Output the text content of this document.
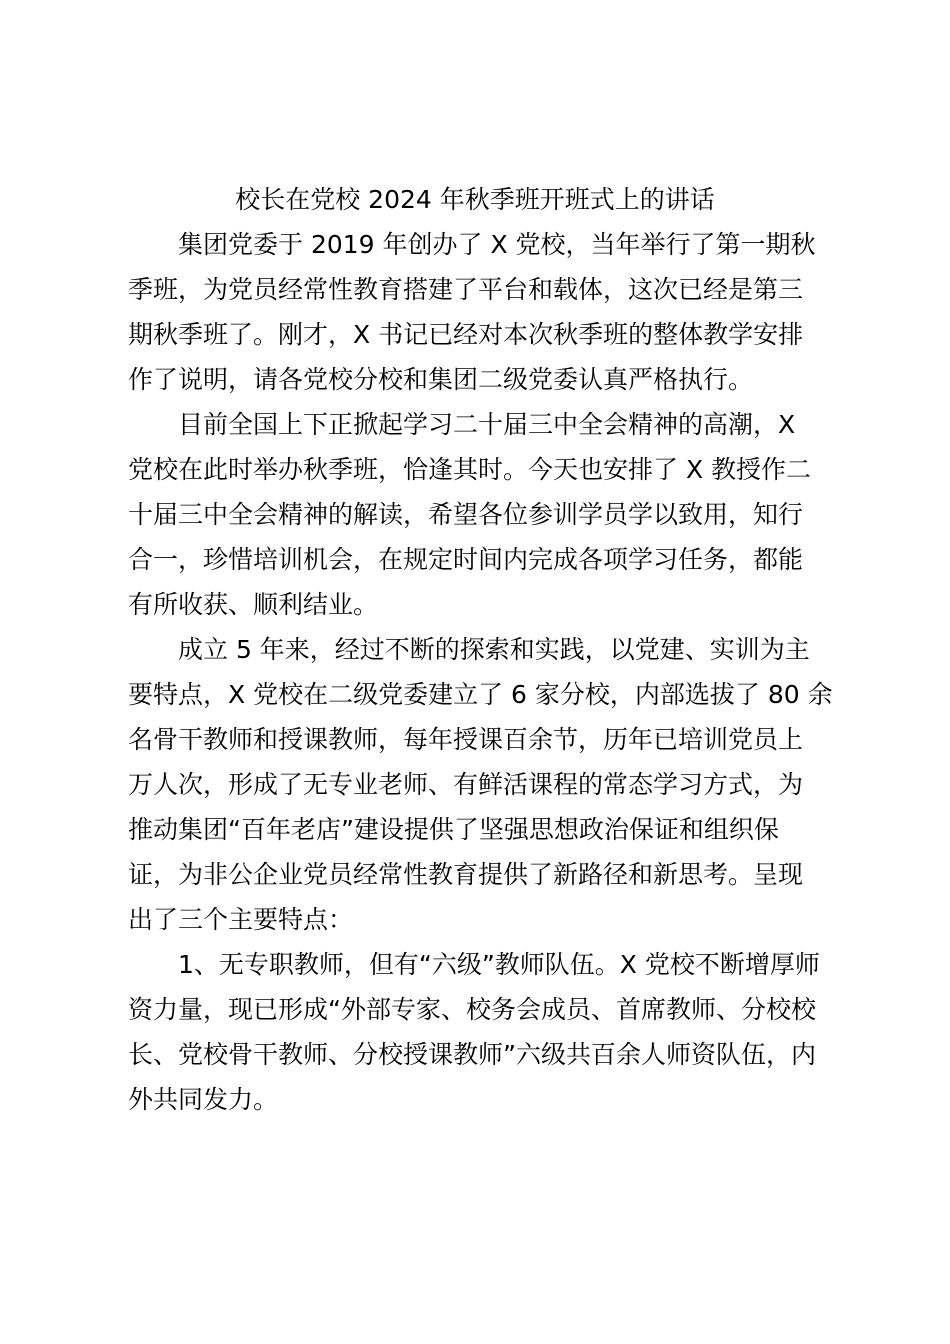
校长在党校 2024 年秋季班开班式上的讲话
集团党委于 2019 年创办了 X 党校，当年举行了第一期秋
季班，为党员经常性教育搭建了平台和载体，这次已经是第三
期秋季班了。刚才，X 书记已经对本次秋季班的整体教学安排
作了说明，请各党校分校和集团二级党委认真严格执行。
目前全国上下正掀起学习二十届三中全会精神的高潮，X
党校在此时举办秋季班，恰逢其时。今天也安排了 X 教授作二
十届三中全会精神的解读，希望各位参训学员学以致用，知行
合一，珍惜培训机会，在规定时间内完成各项学习任务，都能
有所收获、顺利结业。
成立 5 年来，经过不断的探索和实践，以党建、实训为主
要特点，X 党校在二级党委建立了 6 家分校，内部选拔了 80 余
名骨干教师和授课教师，每年授课百余节，历年已培训党员上
万人次，形成了无专业老师、有鲜活课程的常态学习方式，为
推动集团“百年老店”建设提供了坚强思想政治保证和组织保
证，为非公企业党员经常性教育提供了新路径和新思考。呈现
出了三个主要特点：
1、无专职教师，但有“六级”教师队伍。X 党校不断增厚师
资力量，现已形成“外部专家、校务会成员、首席教师、分校校
长、党校骨干教师、分校授课教师”六级共百余人师资队伍，内
外共同发力。
